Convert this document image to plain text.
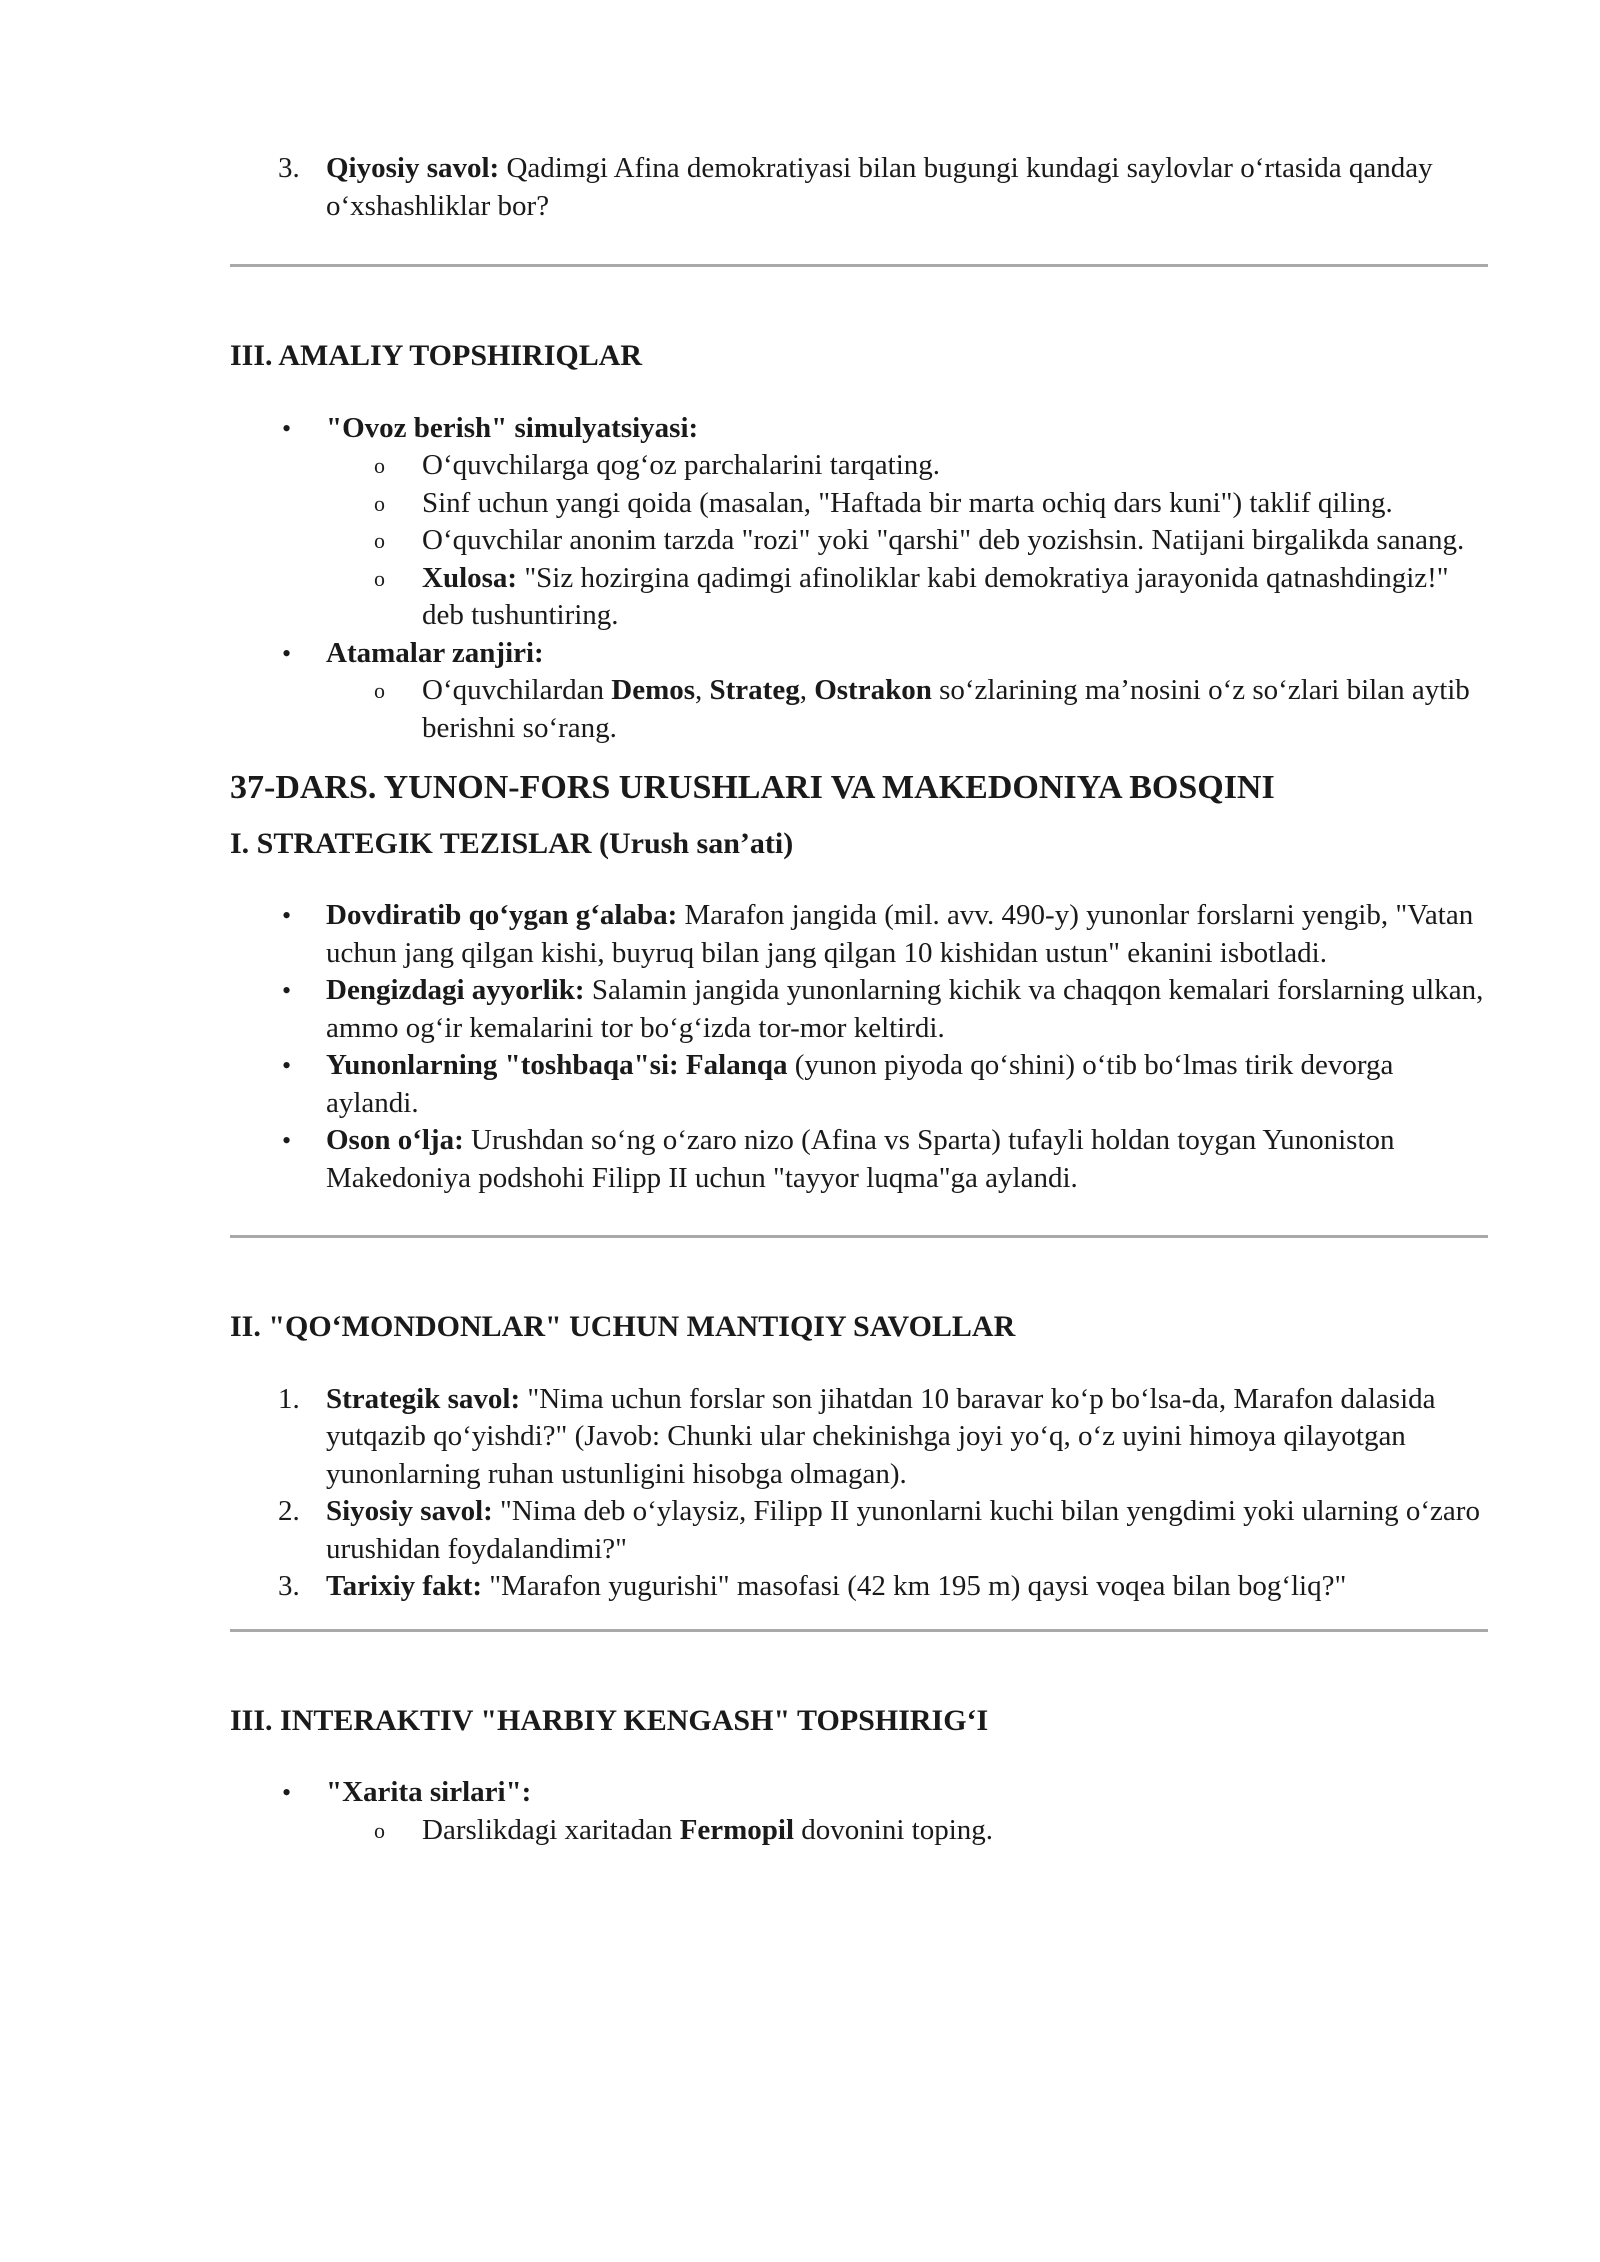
3. Qiyosiy savol: Qadimgi Afina demokratiyasi bilan bugungi kundagi saylovlar o‘rtasida qanday o‘xshashliklar bor?
III. AMALIY TOPSHIRIQLAR
• "Ovoz berish" simulyatsiyasi:
o O‘quvchilarga qog‘oz parchalarini tarqating.
o Sinf uchun yangi qoida (masalan, "Haftada bir marta ochiq dars kuni") taklif qiling.
o O‘quvchilar anonim tarzda "rozi" yoki "qarshi" deb yozishsin. Natijani birgalikda sanang.
o Xulosa: "Siz hozirgina qadimgi afinoliklar kabi demokratiya jarayonida qatnashdingiz!" deb tushuntiring.
• Atamalar zanjiri:
o O‘quvchilardan Demos, Strateg, Ostrakon so‘zlarining ma’nosini o‘z so‘zlari bilan aytib berishni so‘rang.
37-DARS. YUNON-FORS URUSHLARI VA MAKEDONIYA BOSQINI
I. STRATEGIK TEZISLAR (Urush san’ati)
• Dovdiratib qo‘ygan g‘alaba: Marafon jangida (mil. avv. 490-y) yunonlar forslarni yengib, "Vatan uchun jang qilgan kishi, buyruq bilan jang qilgan 10 kishidan ustun" ekanini isbotladi.
• Dengizdagi ayyorlik: Salamin jangida yunonlarning kichik va chaqqon kemalari forslarning ulkan, ammo og‘ir kemalarini tor bo‘g‘izda tor-mor keltirdi.
• Yunonlarning "toshbaqa"si: Falanqa (yunon piyoda qo‘shini) o‘tib bo‘lmas tirik devorga aylandi.
• Oson o‘lja: Urushdan so‘ng o‘zaro nizo (Afina vs Sparta) tufayli holdan toygan Yunoniston Makedoniya podshohi Filipp II uchun "tayyor luqma"ga aylandi.
II. "QO‘MONDONLAR" UCHUN MANTIQIY SAVOLLAR
1. Strategik savol: "Nima uchun forslar son jihatdan 10 baravar ko‘p bo‘lsa-da, Marafon dalasida yutqazib qo‘yishdi?" (Javob: Chunki ular chekinishga joyi yo‘q, o‘z uyini himoya qilayotgan yunonlarning ruhan ustunligini hisobga olmagan).
2. Siyosiy savol: "Nima deb o‘ylaysiz, Filipp II yunonlarni kuchi bilan yengdimi yoki ularning o‘zaro urushidan foydalandimi?"
3. Tarixiy fakt: "Marafon yugurishi" masofasi (42 km 195 m) qaysi voqea bilan bog‘liq?"
III. INTERAKTIV "HARBIY KENGASH" TOPSHIRIG‘I
• "Xarita sirlari":
o Darslikdagi xaritadan Fermopil dovonini toping.
